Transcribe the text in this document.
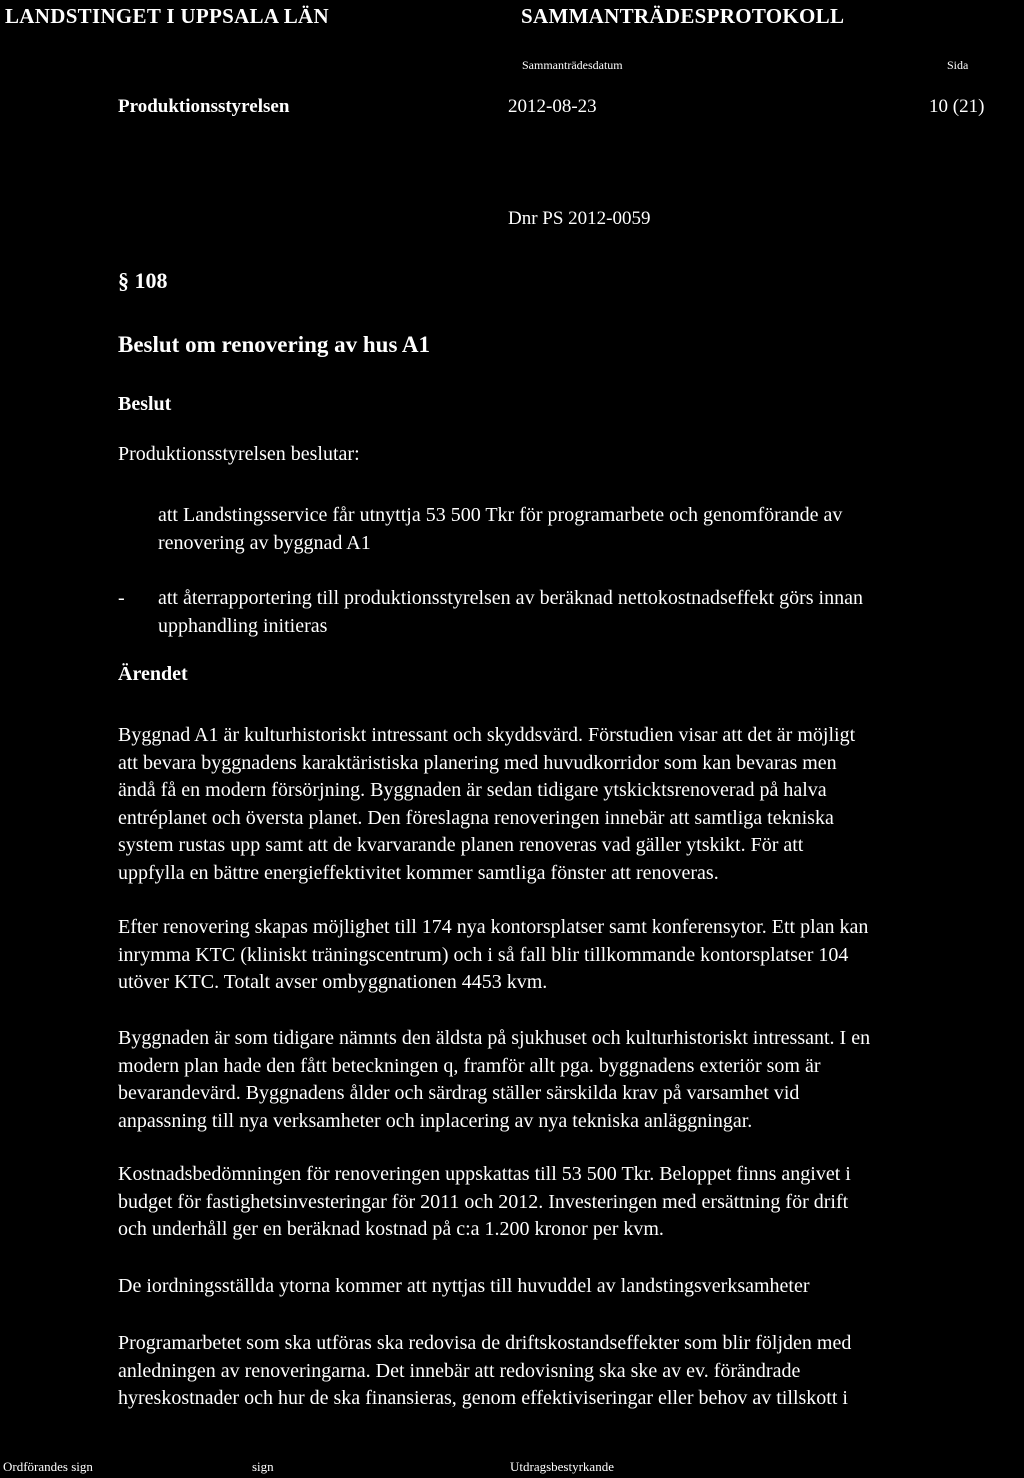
LANDSTINGET I UPPSALA LÄN	SAMMANTRÄDESPROTOKOLL
Sammanträdesdatum	Sida
Produktionsstyrelsen	2012-08-23	10 (21)
Dnr PS 2012-0059
§ 108
Beslut om renovering av hus A1
Beslut
Produktionsstyrelsen beslutar:
att Landstingsservice får utnyttja 53 500 Tkr för programarbete och genomförande av
renovering av byggnad A1
- att återrapportering till produktionsstyrelsen av beräknad nettokostnadseffekt görs innan
upphandling initieras
Ärendet
Byggnad A1 är kulturhistoriskt intressant och skyddsvärd. Förstudien visar att det är möjligt
att bevara byggnadens karaktäristiska planering med huvudkorridor som kan bevaras men
ändå få en modern försörjning. Byggnaden är sedan tidigare ytskicktsrenoverad på halva
entréplanet och översta planet. Den föreslagna renoveringen innebär att samtliga tekniska
system rustas upp samt att de kvarvarande planen renoveras vad gäller ytskikt. För att
uppfylla en bättre energieffektivitet kommer samtliga fönster att renoveras.
Efter renovering skapas möjlighet till 174 nya kontorsplatser samt konferensytor. Ett plan kan
inrymma KTC (kliniskt träningscentrum) och i så fall blir tillkommande kontorsplatser 104
utöver KTC. Totalt avser ombyggnationen 4453 kvm.
Byggnaden är som tidigare nämnts den äldsta på sjukhuset och kulturhistoriskt intressant. I en
modern plan hade den fått beteckningen q, framför allt pga. byggnadens exteriör som är
bevarandevärd. Byggnadens ålder och särdrag ställer särskilda krav på varsamhet vid
anpassning till nya verksamheter och inplacering av nya tekniska anläggningar.
Kostnadsbedömningen för renoveringen uppskattas till 53 500 Tkr. Beloppet finns angivet i
budget för fastighetsinvesteringar för 2011 och 2012. Investeringen med ersättning för drift
och underhåll ger en beräknad kostnad på c:a 1.200 kronor per kvm.
De iordningsställda ytorna kommer att nyttjas till huvuddel av landstingsverksamheter
Programarbetet som ska utföras ska redovisa de driftskostandseffekter som blir följden med
anledningen av renoveringarna. Det innebär att redovisning ska ske av ev. förändrade
hyreskostnader och hur de ska finansieras, genom effektiviseringar eller behov av tillskott i
Ordförandes sign	sign	Utdragsbestyrkande
